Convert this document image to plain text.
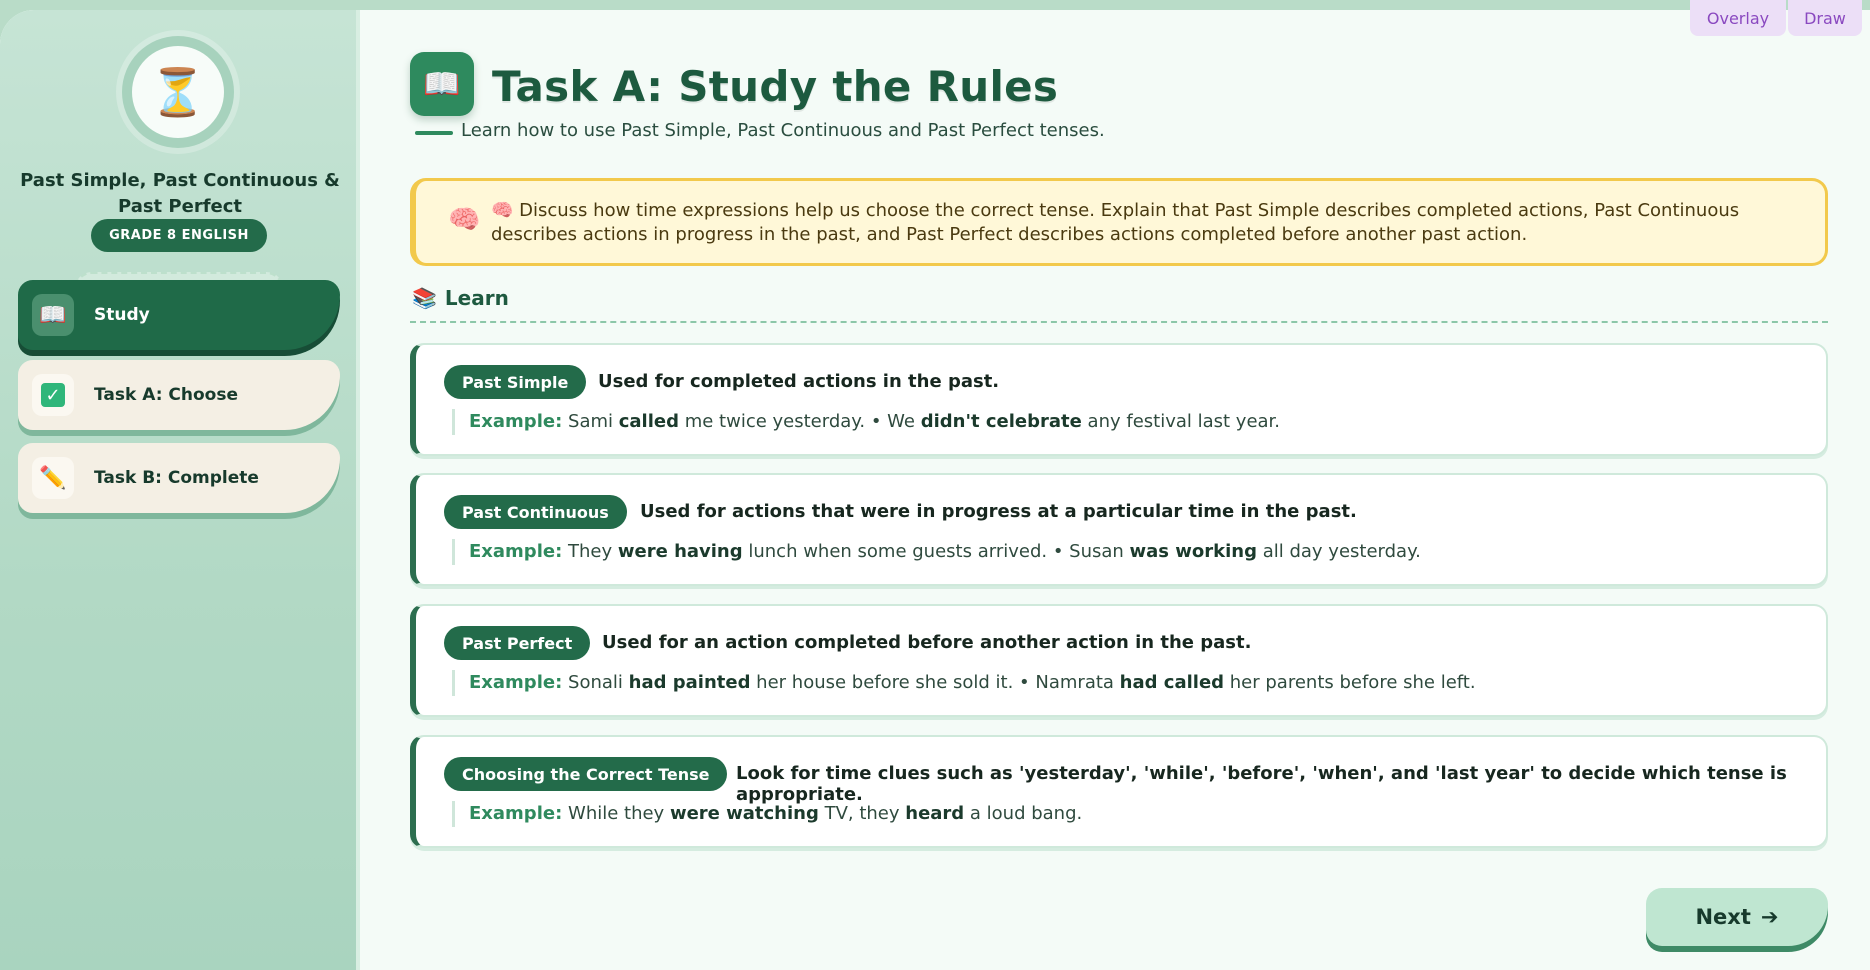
⏳
Past Simple, Past Continuous & Past Perfect
GRADE 8 ENGLISH
📖	Study
✓ Task A: Choose
✏️	Task B: Complete
📖 Task A: Study the Rules
Learn how to use Past Simple, Past Continuous and Past Perfect tenses.
🧠 🧠 Discuss how time expressions help us choose the correct tense. Explain that Past Simple describes completed actions, Past Continuous describes actions in progress in the past, and Past Perfect describes actions completed before another past action.
📚 Learn
Next ➔
Past Simple	Used for completed actions in the past.
Example: Sami called me twice yesterday. • We didn't celebrate any festival last year.
Past Continuous	Used for actions that were in progress at a particular time in the past.
Example: They were having lunch when some guests arrived. • Susan was working all day yesterday.
Past Perfect	Used for an action completed before another action in the past.
Example: Sonali had painted her house before she sold it. • Namrata had called her parents before she left.
Choosing the Correct Tense	Look for time clues such as 'yesterday', 'while', 'before', 'when', and 'last year' to decide which tense is appropriate.
Example: While they were watching TV, they heard a loud bang.
Overlay	Draw
